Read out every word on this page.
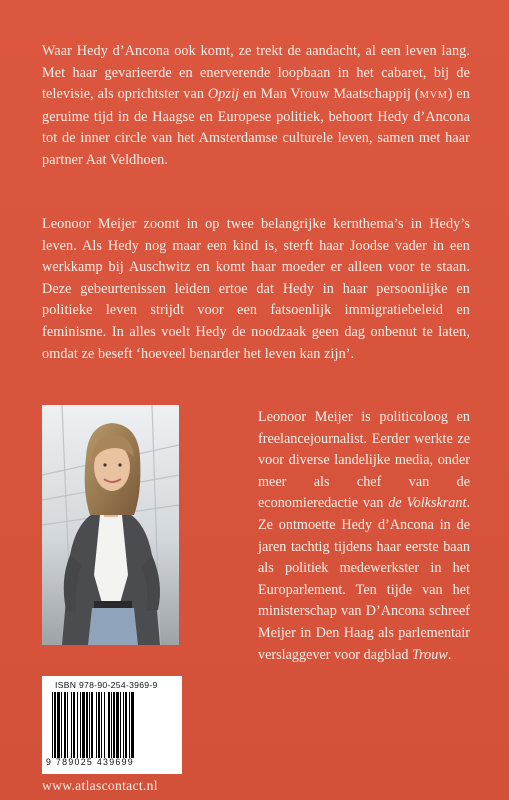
Waar Hedy d’Ancona ook komt, ze trekt de aandacht, al een leven lang. Met haar gevarieerde en enerverende loopbaan in het cabaret, bij de televisie, als oprichtster van Opzij en Man Vrouw Maatschappij (MVM) en geruime tijd in de Haagse en Europese politiek, behoort Hedy d’Ancona tot de inner circle van het Amsterdamse culturele leven, samen met haar partner Aat Veldhoen.

Leonoor Meijer zoomt in op twee belangrijke kernthema’s in Hedy’s leven. Als Hedy nog maar een kind is, sterft haar Joodse vader in een werkkamp bij Auschwitz en komt haar moeder er alleen voor te staan. Deze gebeurtenissen leiden ertoe dat Hedy in haar persoonlijke en politieke leven strijdt voor een fatsoenlijk immigratiebeleid en feminisme. In alles voelt Hedy de noodzaak geen dag onbenut te laten, omdat ze beseft ‘hoeveel benarder het leven kan zijn’.

Leonoor Meijer is politicoloog en freelancejournalist. Eerder werkte ze voor diverse landelijke media, onder meer als chef van de economieredactie van de Volkskrant. Ze ontmoette Hedy d’Ancona in de jaren tachtig tijdens haar eerste baan als politiek medewerkster in het Europarlement. Ten tijde van het ministerschap van D’Ancona schreef Meijer in Den Haag als parlementair verslaggever voor dagblad Trouw.

ISBN 978-90-254-3969-9
9 789025 439699
www.atlascontact.nl
